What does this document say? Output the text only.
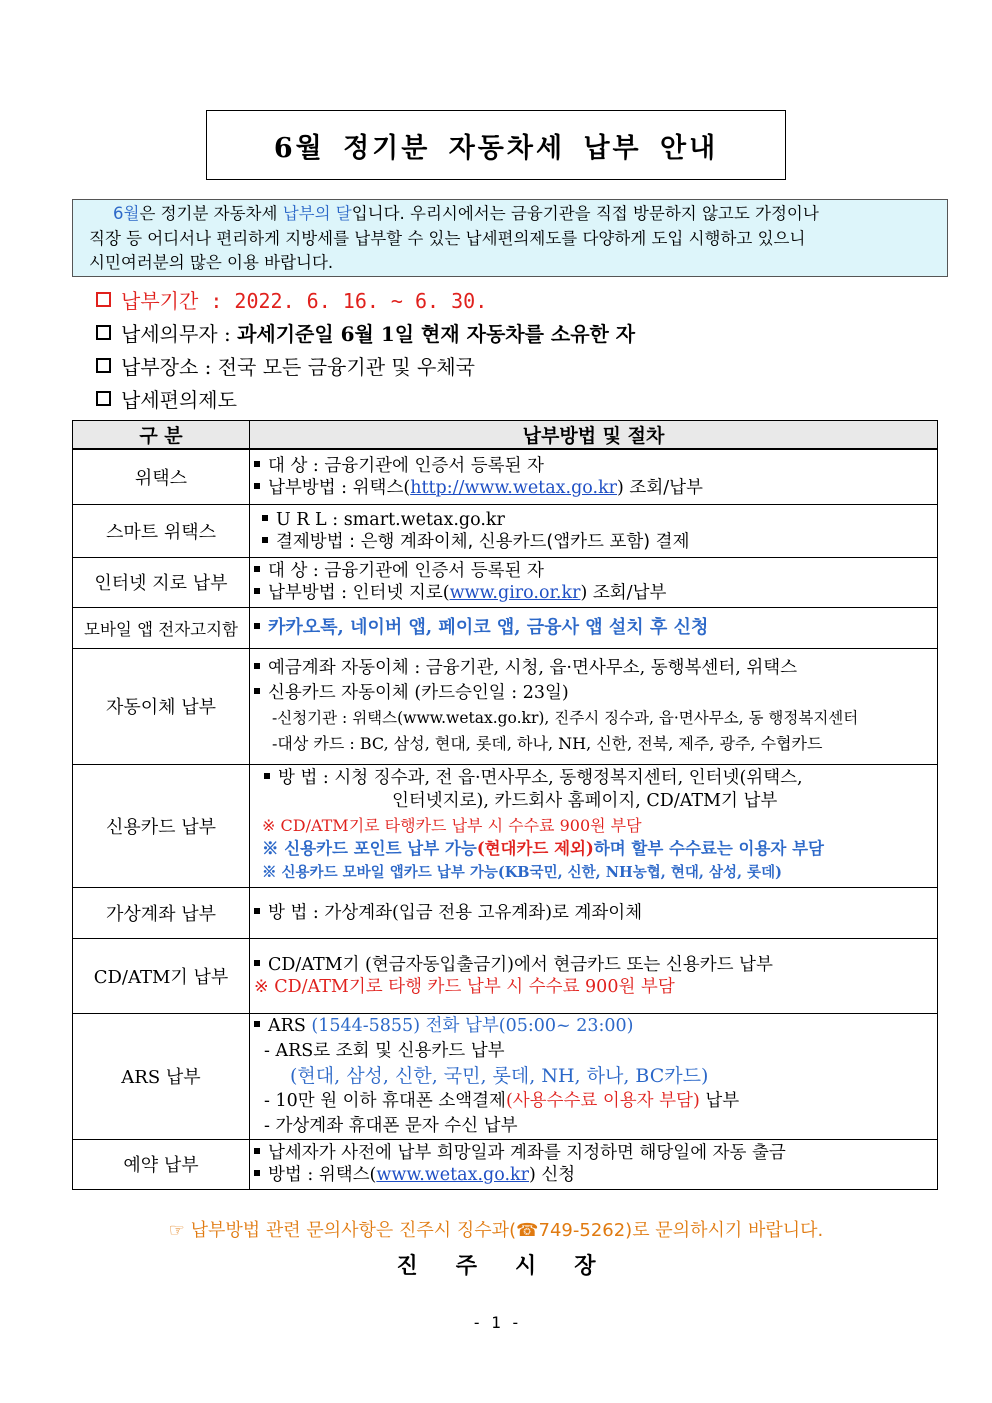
6월 정기분 자동차세 납부 안내
6월은 정기분 자동차세 납부의 달입니다. 우리시에서는 금융기관을 직접 방문하지 않고도 가정이나
직장 등 어디서나 편리하게 지방세를 납부할 수 있는 납세편의제도를 다양하게 도입 시행하고 있으니
시민여러분의 많은 이용 바랍니다.
납부기간 : 2022. 6. 16. ~ 6. 30.
납세의무자 : 과세기준일 6월 1일 현재 자동차를 소유한 자
납부장소 : 전국 모든 금융기관 및 우체국
납세편의제도
구 분	납부방법 및 절차
위택스	대 상 : 금융기관에 인증서 등록된 자
납부방법 : 위택스(http://www.wetax.go.kr) 조회/납부

스마트 위택스	U R L : smart.wetax.go.kr
결제방법 : 은행 계좌이체, 신용카드(앱카드 포함) 결제

인터넷 지로 납부	대 상 : 금융기관에 인증서 등록된 자
납부방법 : 인터넷 지로(www.giro.or.kr) 조회/납부

모바일 앱 전자고지함	카카오톡, 네이버 앱, 페이코 앱, 금융사 앱 설치 후 신청

자동이체 납부	예금계좌 자동이체 : 금융기관, 시청, 읍·면사무소, 동행복센터, 위택스
신용카드 자동이체 (카드승인일 : 23일)
-신청기관 : 위택스(www.wetax.go.kr), 진주시 징수과, 읍·면사무소, 동 행정복지센터
-대상 카드 : BC, 삼성, 현대, 롯데, 하나, NH, 신한, 전북, 제주, 광주, 수협카드

신용카드 납부	방 법 : 시청 징수과, 전 읍·면사무소, 동행정복지센터, 인터넷(위택스,
인터넷지로), 카드회사 홈페이지, CD/ATM기 납부
※ CD/ATM기로 타행카드 납부 시 수수료 900원 부담
※ 신용카드 포인트 납부 가능(현대카드 제외)하며 할부 수수료는 이용자 부담
※ 신용카드 모바일 앱카드 납부 가능(KB국민, 신한, NH농협, 현대, 삼성, 롯데)

가상계좌 납부	방 법 : 가상계좌(입금 전용 고유계좌)로 계좌이체

CD/ATM기 납부	CD/ATM기 (현금자동입출금기)에서 현금카드 또는 신용카드 납부
※ CD/ATM기로 타행 카드 납부 시 수수료 900원 부담

ARS 납부	ARS (1544-5855) 전화 납부(05:00~ 23:00)
- ARS로 조회 및 신용카드 납부
(현대, 삼성, 신한, 국민, 롯데, NH, 하나, BC카드)
- 10만 원 이하 휴대폰 소액결제(사용수수료 이용자 부담) 납부
- 가상계좌 휴대폰 문자 수신 납부

예약 납부	납세자가 사전에 납부 희망일과 계좌를 지정하면 해당일에 자동 출금
방법 : 위택스(www.wetax.go.kr) 신청
☞ 납부방법 관련 문의사항은 진주시 징수과(☎749-5262)로 문의하시기 바랍니다.
진주시장
- 1 -
